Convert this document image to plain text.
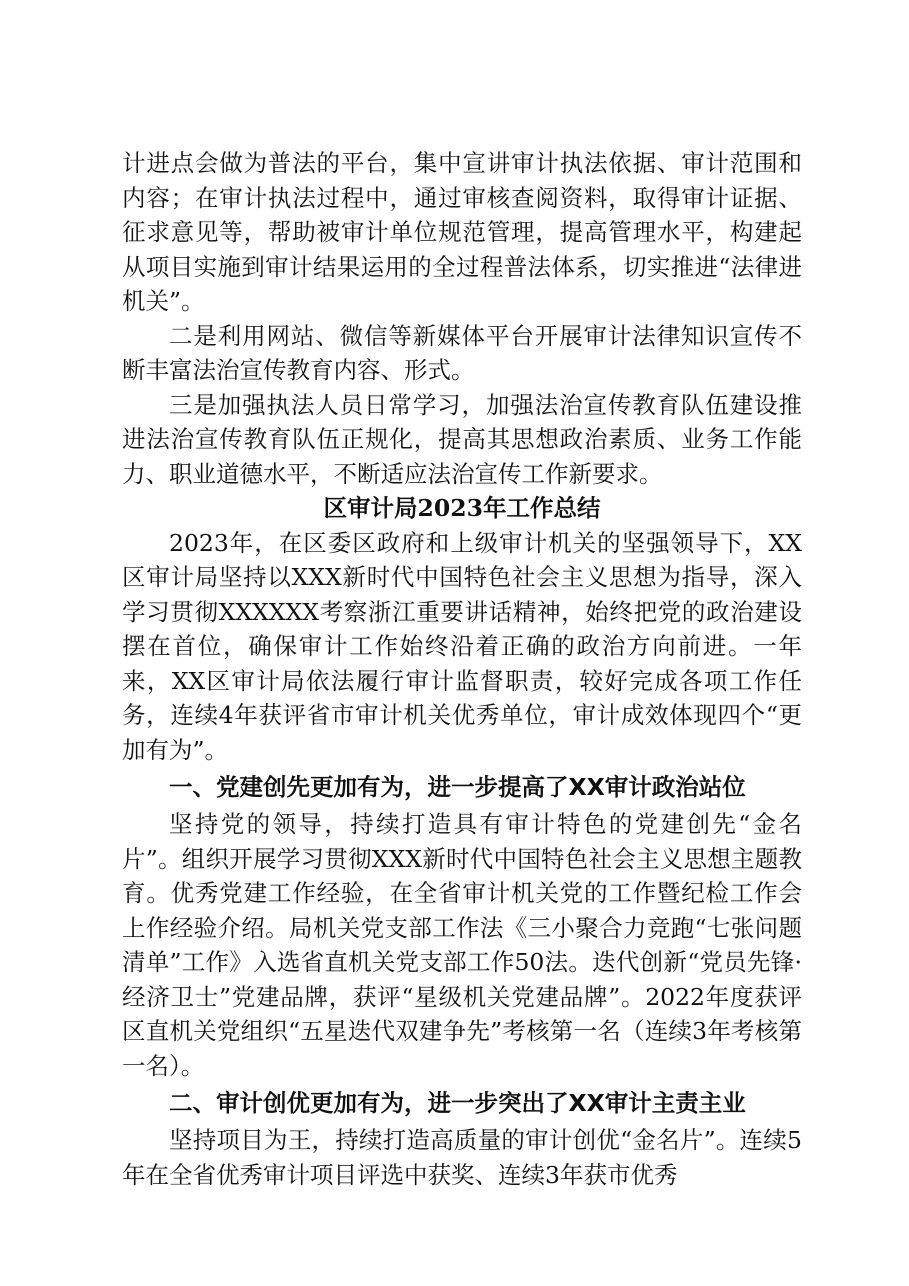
计进点会做为普法的平台，集中宣讲审计执法依据、审计范围和内容；在审计执法过程中，通过审核查阅资料，取得审计证据、征求意见等，帮助被审计单位规范管理，提高管理水平，构建起从项目实施到审计结果运用的全过程普法体系，切实推进“法律进机关”。

二是利用网站、微信等新媒体平台开展审计法律知识宣传不断丰富法治宣传教育内容、形式。

三是加强执法人员日常学习，加强法治宣传教育队伍建设推进法治宣传教育队伍正规化，提高其思想政治素质、业务工作能力、职业道德水平，不断适应法治宣传工作新要求。

区审计局2023年工作总结

2023年，在区委区政府和上级审计机关的坚强领导下，XX区审计局坚持以XXX新时代中国特色社会主义思想为指导，深入学习贯彻XXXXXX考察浙江重要讲话精神，始终把党的政治建设摆在首位，确保审计工作始终沿着正确的政治方向前进。一年来，XX区审计局依法履行审计监督职责，较好完成各项工作任务，连续4年获评省市审计机关优秀单位，审计成效体现四个“更加有为”。

一、党建创先更加有为，进一步提高了XX审计政治站位

坚持党的领导，持续打造具有审计特色的党建创先“金名片”。组织开展学习贯彻XXX新时代中国特色社会主义思想主题教育。优秀党建工作经验，在全省审计机关党的工作暨纪检工作会上作经验介绍。局机关党支部工作法《三小聚合力竞跑“七张问题清单”工作》入选省直机关党支部工作50法。迭代创新“党员先锋·经济卫士”党建品牌，获评“星级机关党建品牌”。2022年度获评区直机关党组织“五星迭代双建争先”考核第一名（连续3年考核第一名）。

二、审计创优更加有为，进一步突出了XX审计主责主业

坚持项目为王，持续打造高质量的审计创优“金名片”。连续5年在全省优秀审计项目评选中获奖、连续3年获市优秀
